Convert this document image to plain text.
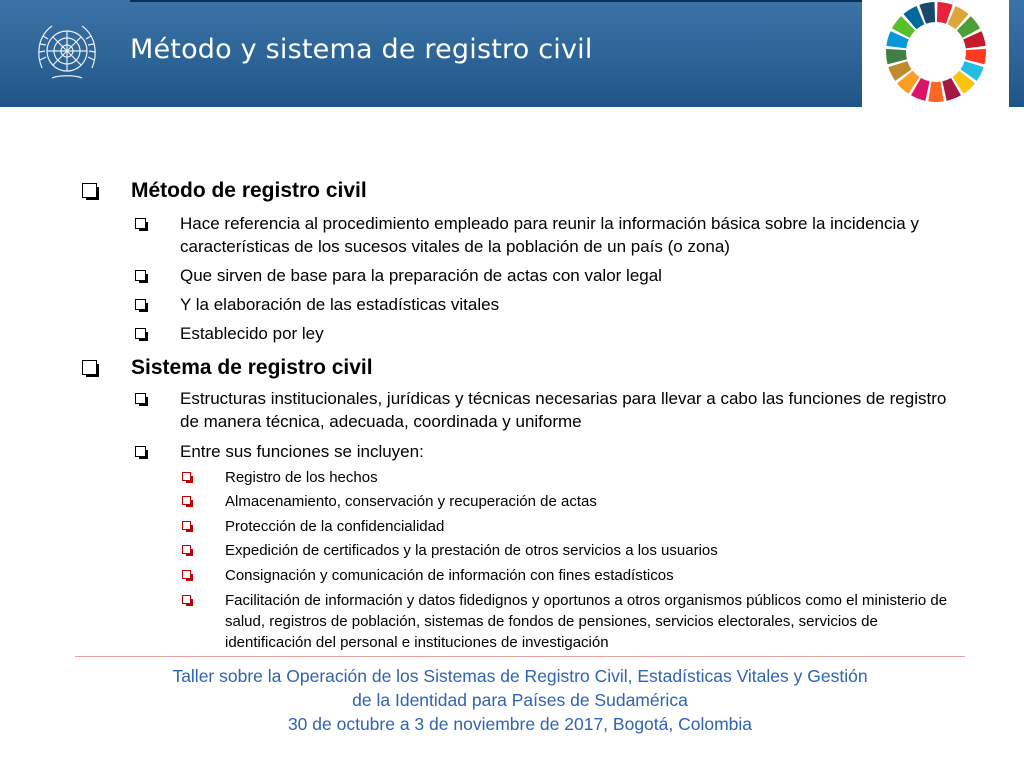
Método y sistema de registro civil
Método de registro civil
Hace referencia al procedimiento empleado para reunir la información básica sobre la incidencia y características de los sucesos vitales de la población de un país (o zona)
Que sirven de base para la preparación de actas con valor legal
Y la elaboración de las estadísticas vitales
Establecido por ley
Sistema de registro civil
Estructuras institucionales, jurídicas y técnicas necesarias para llevar a cabo las funciones de registro de manera técnica, adecuada, coordinada y uniforme
Entre sus funciones se incluyen:
Registro de los hechos
Almacenamiento, conservación y recuperación de actas
Protección de la confidencialidad
Expedición de certificados y la prestación de otros servicios a los usuarios
Consignación y comunicación de información con fines estadísticos
Facilitación de información y datos fidedignos y oportunos a otros organismos públicos como el ministerio de salud, registros de población, sistemas de fondos de pensiones, servicios electorales, servicios de identificación del personal e instituciones de investigación
Taller sobre la Operación de los Sistemas de Registro Civil, Estadísticas Vitales y Gestión
de la Identidad para Países de Sudamérica
30 de octubre a 3 de noviembre de 2017, Bogotá, Colombia
